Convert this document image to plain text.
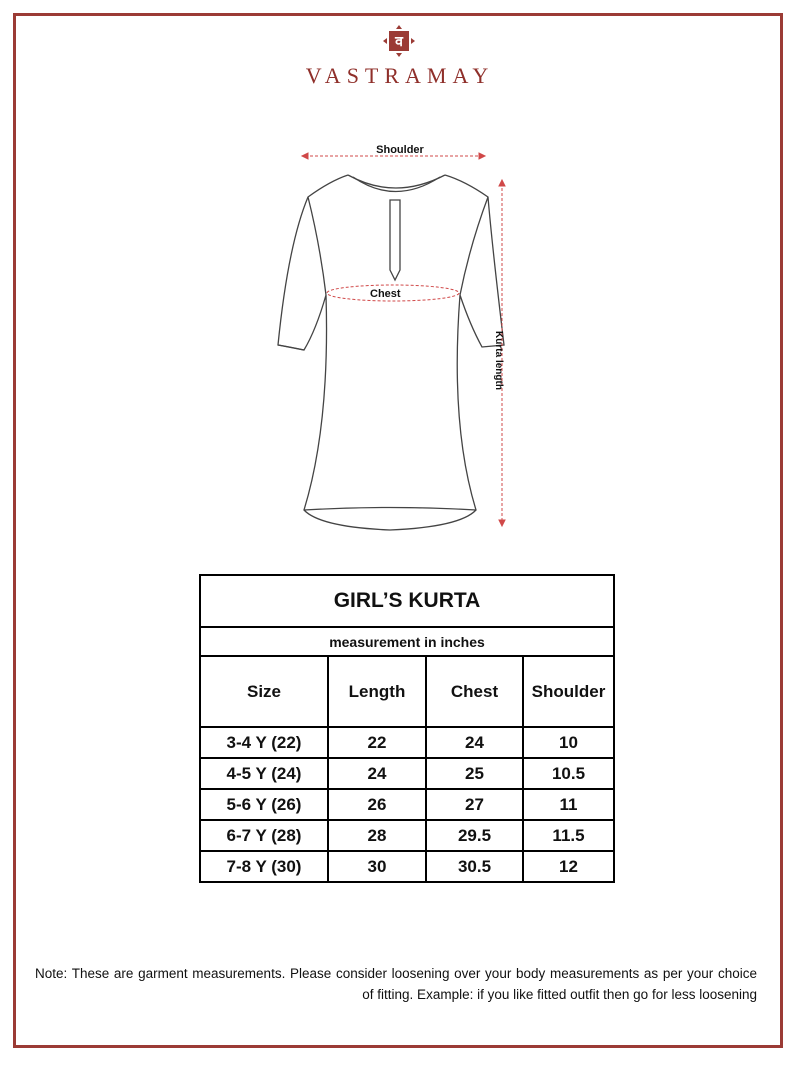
व
VASTRAMAY
Shoulder
Chest
Kurta length
GIRL’S KURTA			
measurement in inches			
Size	Length	Chest	Shoulder
3-4 Y (22)	22	24	10
4-5 Y (24)	24	25	10.5
5-6 Y (26)	26	27	11
6-7 Y (28)	28	29.5	11.5
7-8 Y (30)	30	30.5	12
Note: These are garment measurements. Please consider loosening over your body measurements as per your choice of fitting. Example: if you like fitted outfit then go for less loosening
